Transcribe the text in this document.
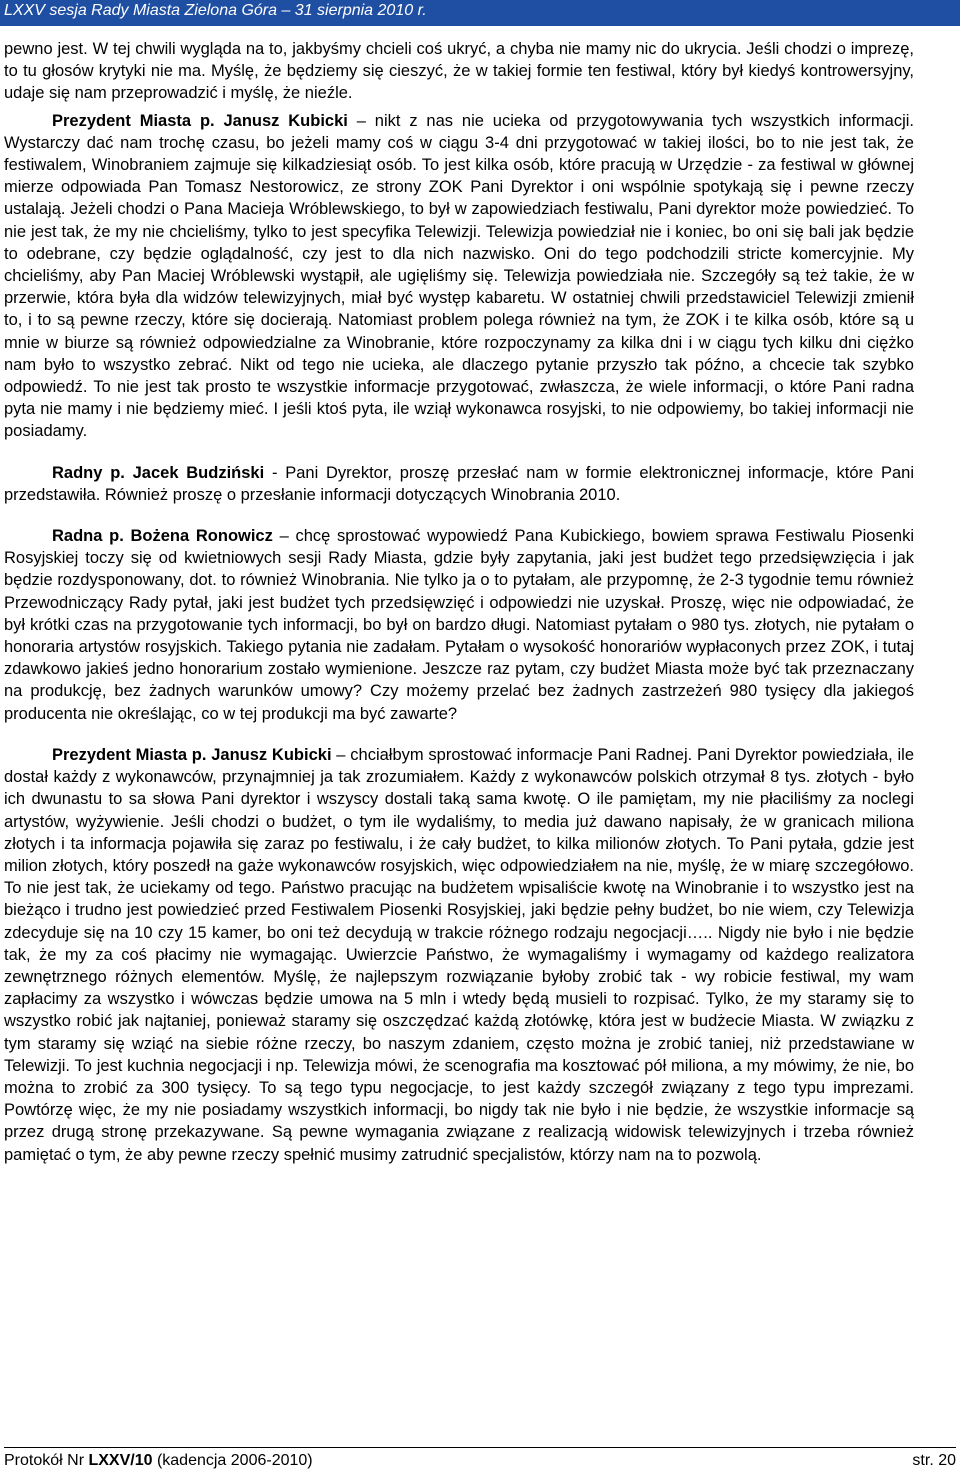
LXXV sesja Rady Miasta Zielona Góra – 31 sierpnia 2010 r.

pewno jest. W tej chwili wygląda na to, jakbyśmy chcieli coś ukryć, a chyba nie mamy nic do ukrycia. Jeśli chodzi o imprezę, to tu głosów krytyki nie ma. Myślę, że będziemy się cieszyć, że w takiej formie ten festiwal, który był kiedyś kontrowersyjny, udaje się nam przeprowadzić i myślę, że nieźle.

Prezydent Miasta p. Janusz Kubicki – nikt z nas nie ucieka od przygotowywania tych wszystkich informacji. Wystarczy dać nam trochę czasu, bo jeżeli mamy coś w ciągu 3-4 dni przygotować w takiej ilości, bo to nie jest tak, że festiwalem, Winobraniem zajmuje się kilkadziesiąt osób. To jest kilka osób, które pracują w Urzędzie - za festiwal w głównej mierze odpowiada Pan Tomasz Nestorowicz, ze strony ZOK Pani Dyrektor i oni wspólnie spotykają się i pewne rzeczy ustalają. Jeżeli chodzi o Pana Macieja Wróblewskiego, to był w zapowiedziach festiwalu, Pani dyrektor może powiedzieć. To nie jest tak, że my nie chcieliśmy, tylko to jest specyfika Telewizji. Telewizja powiedział nie i koniec, bo oni się bali jak będzie to odebrane, czy będzie oglądalność, czy jest to dla nich nazwisko. Oni do tego podchodzili stricte komercyjnie. My chcieliśmy, aby Pan Maciej Wróblewski wystąpił, ale ugięliśmy się. Telewizja powiedziała nie. Szczegóły są też takie, że w przerwie, która była dla widzów telewizyjnych, miał być występ kabaretu. W ostatniej chwili przedstawiciel Telewizji zmienił to, i to są pewne rzeczy, które się docierają. Natomiast problem polega również na tym, że ZOK i te kilka osób, które są u mnie w biurze są również odpowiedzialne za Winobranie, które rozpoczynamy za kilka dni i w ciągu tych kilku dni ciężko nam było to wszystko zebrać. Nikt od tego nie ucieka, ale dlaczego pytanie przyszło tak późno, a chcecie tak szybko odpowiedź. To nie jest tak prosto te wszystkie informacje przygotować, zwłaszcza, że wiele informacji, o które Pani radna pyta nie mamy i nie będziemy mieć. I jeśli ktoś pyta, ile wziął wykonawca rosyjski, to nie odpowiemy, bo takiej informacji nie posiadamy.

Radny p. Jacek Budziński - Pani Dyrektor, proszę przesłać nam w formie elektronicznej informacje, które Pani przedstawiła. Również proszę o przesłanie informacji dotyczących Winobrania 2010.

Radna p. Bożena Ronowicz – chcę sprostować wypowiedź Pana Kubickiego, bowiem sprawa Festiwalu Piosenki Rosyjskiej toczy się od kwietniowych sesji Rady Miasta, gdzie były zapytania, jaki jest budżet tego przedsięwzięcia i jak będzie rozdysponowany, dot. to również Winobrania. Nie tylko ja o to pytałam, ale przypomnę, że 2-3 tygodnie temu również Przewodniczący Rady pytał, jaki jest budżet tych przedsięwzięć i odpowiedzi nie uzyskał. Proszę, więc nie odpowiadać, że był krótki czas na przygotowanie tych informacji, bo był on bardzo długi. Natomiast pytałam o 980 tys. złotych, nie pytałam o honoraria artystów rosyjskich. Takiego pytania nie zadałam. Pytałam o wysokość honorariów wypłaconych przez ZOK, i tutaj zdawkowo jakieś jedno honorarium zostało wymienione. Jeszcze raz pytam, czy budżet Miasta może być tak przeznaczany na produkcję, bez żadnych warunków umowy? Czy możemy przelać bez żadnych zastrzeżeń 980 tysięcy dla jakiegoś producenta nie określając, co w tej produkcji ma być zawarte?

Prezydent Miasta p. Janusz Kubicki – chciałbym sprostować informacje Pani Radnej. Pani Dyrektor powiedziała, ile dostał każdy z wykonawców, przynajmniej ja tak zrozumiałem. Każdy z wykonawców polskich otrzymał 8 tys. złotych - było ich dwunastu to sa słowa Pani dyrektor i wszyscy dostali taką sama kwotę. O ile pamiętam, my nie płaciliśmy za noclegi artystów, wyżywienie. Jeśli chodzi o budżet, o tym ile wydaliśmy, to media już dawano napisały, że w granicach miliona złotych i ta informacja pojawiła się zaraz po festiwalu, i że cały budżet, to kilka milionów złotych. To Pani pytała, gdzie jest milion złotych, który poszedł na gaże wykonawców rosyjskich, więc odpowiedziałem na nie, myślę, że w miarę szczegółowo. To nie jest tak, że uciekamy od tego. Państwo pracując na budżetem wpisaliście kwotę na Winobranie i to wszystko jest na bieżąco i trudno jest powiedzieć przed Festiwalem Piosenki Rosyjskiej, jaki będzie pełny budżet, bo nie wiem, czy Telewizja zdecyduje się na 10 czy 15 kamer, bo oni też decydują w trakcie różnego rodzaju negocjacji….. Nigdy nie było i nie będzie tak, że my za coś płacimy nie wymagając. Uwierzcie Państwo, że wymagaliśmy i wymagamy od każdego realizatora zewnętrznego różnych elementów. Myślę, że najlepszym rozwiązanie byłoby zrobić tak - wy robicie festiwal, my wam zapłacimy za wszystko i wówczas będzie umowa na 5 mln i wtedy będą musieli to rozpisać. Tylko, że my staramy się to wszystko robić jak najtaniej, ponieważ staramy się oszczędzać każdą złotówkę, która jest w budżecie Miasta. W związku z tym staramy się wziąć na siebie różne rzeczy, bo naszym zdaniem, często można je zrobić taniej, niż przedstawiane w Telewizji. To jest kuchnia negocjacji i np. Telewizja mówi, że scenografia ma kosztować pół miliona, a my mówimy, że nie, bo można to zrobić za 300 tysięcy. To są tego typu negocjacje, to jest każdy szczegół związany z tego typu imprezami. Powtórzę więc, że my nie posiadamy wszystkich informacji, bo nigdy tak nie było i nie będzie, że wszystkie informacje są przez drugą stronę przekazywane. Są pewne wymagania związane z realizacją widowisk telewizyjnych i trzeba również pamiętać o tym, że aby pewne rzeczy spełnić musimy zatrudnić specjalistów, którzy nam na to pozwolą.

Protokół Nr LXXV/10 (kadencja 2006-2010)	str. 20
